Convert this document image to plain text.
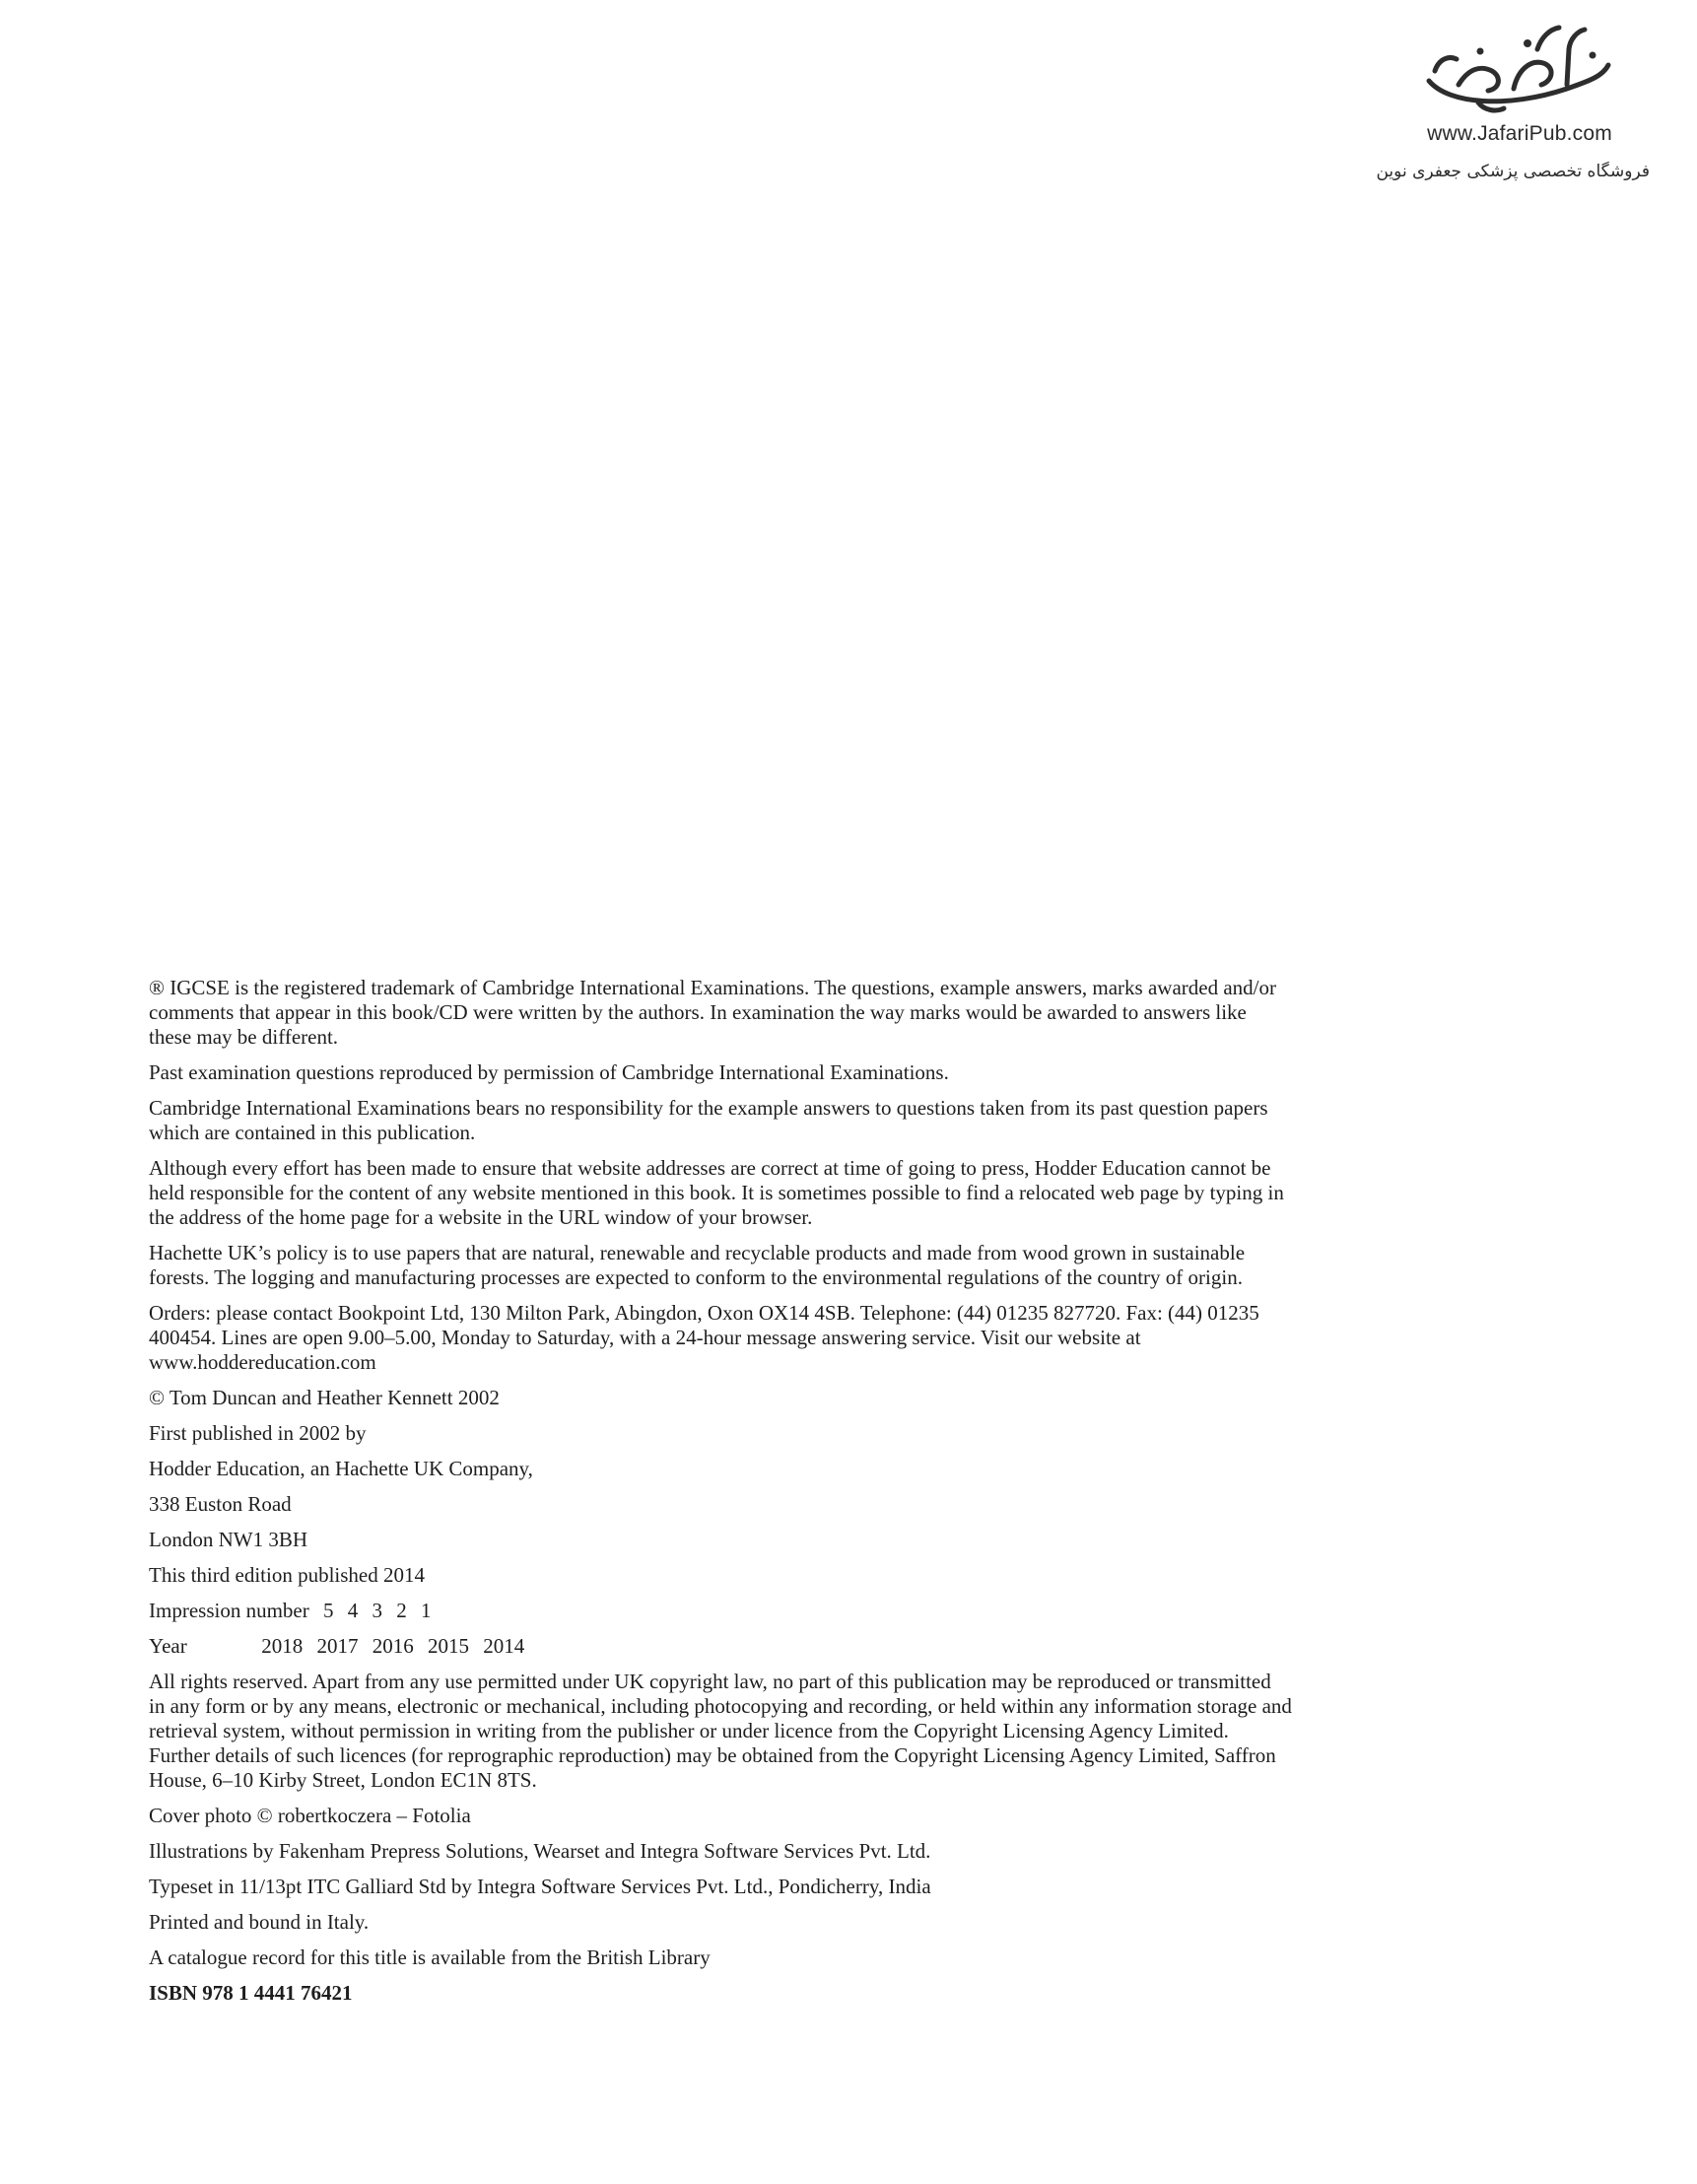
www.JafariPub.com
فروشگاه تخصصی پزشکی جعفری نوین

® IGCSE is the registered trademark of Cambridge International Examinations. The questions, example answers, marks awarded and/or comments that appear in this book/CD were written by the authors. In examination the way marks would be awarded to answers like these may be different.

Past examination questions reproduced by permission of Cambridge International Examinations.

Cambridge International Examinations bears no responsibility for the example answers to questions taken from its past question papers which are contained in this publication.

Although every effort has been made to ensure that website addresses are correct at time of going to press, Hodder Education cannot be held responsible for the content of any website mentioned in this book. It is sometimes possible to find a relocated web page by typing in the address of the home page for a website in the URL window of your browser.

Hachette UK’s policy is to use papers that are natural, renewable and recyclable products and made from wood grown in sustainable forests. The logging and manufacturing processes are expected to conform to the environmental regulations of the country of origin.

Orders: please contact Bookpoint Ltd, 130 Milton Park, Abingdon, Oxon OX14 4SB. Telephone: (44) 01235 827720. Fax: (44) 01235 400454. Lines are open 9.00–5.00, Monday to Saturday, with a 24-hour message answering service. Visit our website at www.hoddereducation.com

© Tom Duncan and Heather Kennett 2002

First published in 2002 by

Hodder Education, an Hachette UK Company,

338 Euston Road

London NW1 3BH

This third edition published 2014

Impression number 5 4 3 2 1

Year	2018 2017 2016 2015 2014

All rights reserved. Apart from any use permitted under UK copyright law, no part of this publication may be reproduced or transmitted in any form or by any means, electronic or mechanical, including photocopying and recording, or held within any information storage and retrieval system, without permission in writing from the publisher or under licence from the Copyright Licensing Agency Limited. Further details of such licences (for reprographic reproduction) may be obtained from the Copyright Licensing Agency Limited, Saffron House, 6–10 Kirby Street, London EC1N 8TS.

Cover photo © robertkoczera – Fotolia

Illustrations by Fakenham Prepress Solutions, Wearset and Integra Software Services Pvt. Ltd.

Typeset in 11/13pt ITC Galliard Std by Integra Software Services Pvt. Ltd., Pondicherry, India

Printed and bound in Italy.

A catalogue record for this title is available from the British Library

ISBN 978 1 4441 76421
